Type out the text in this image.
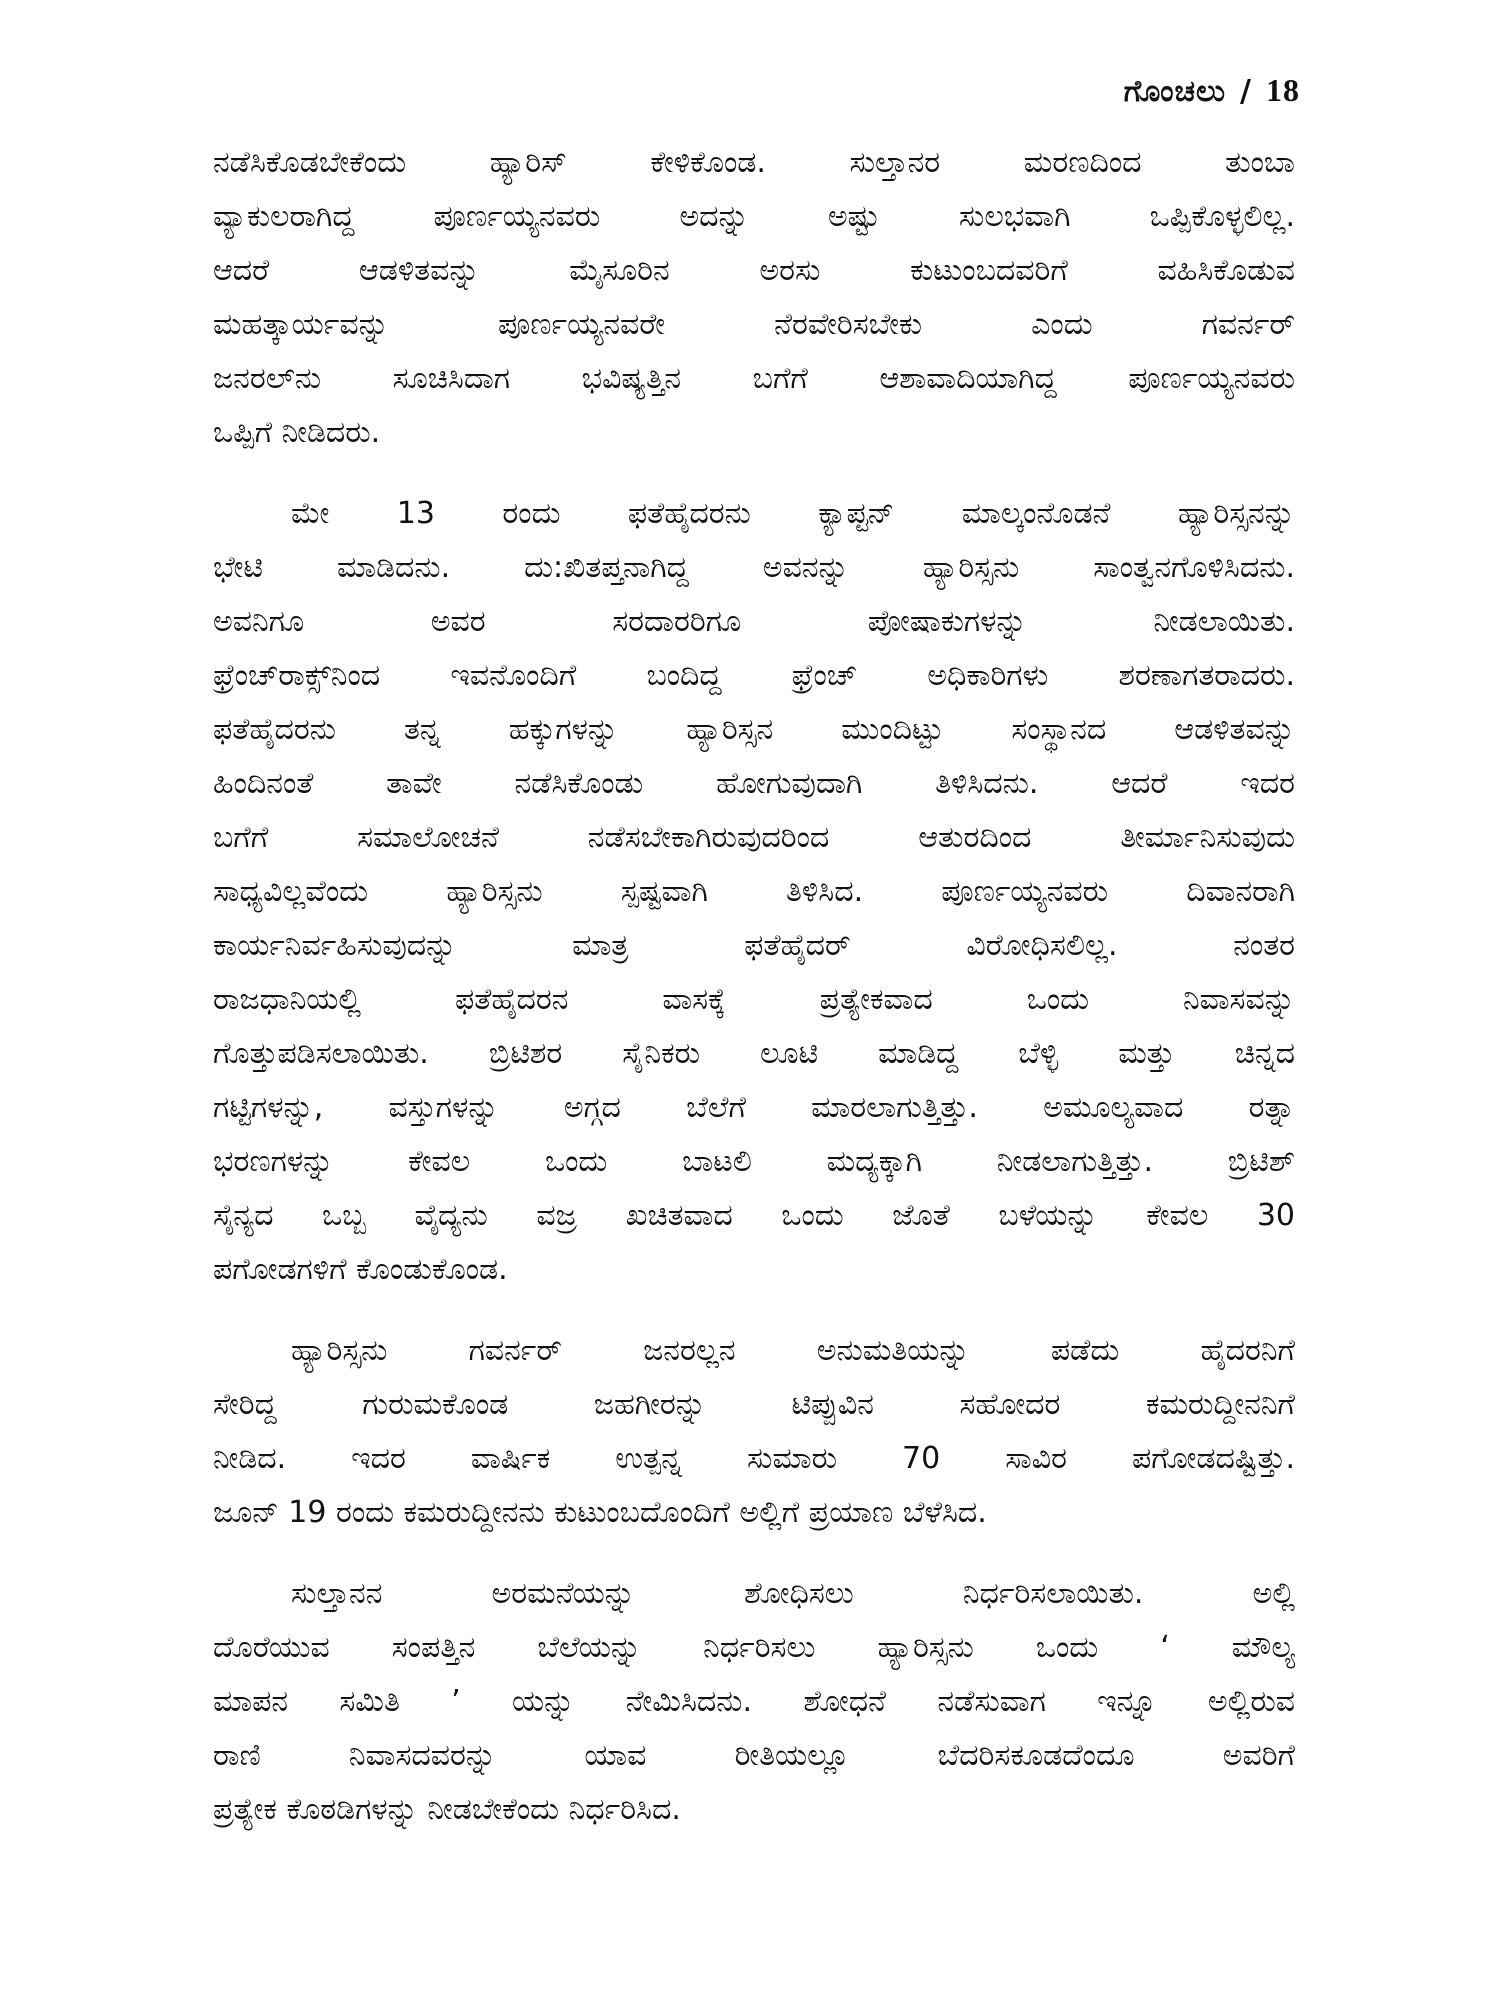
ಗೊಂಚಲು / 18
ನಡೆಸಿಕೊಡಬೇಕೆಂದು ಹ್ಯಾರಿಸ್ ಕೇಳಿಕೊಂಡ. ಸುಲ್ತಾನರ ಮರಣದಿಂದ ತುಂಬಾ
ವ್ಯಾಕುಲರಾಗಿದ್ದ ಪೂರ್ಣಯ್ಯನವರು ಅದನ್ನು ಅಷ್ಟು ಸುಲಭವಾಗಿ ಒಪ್ಪಿಕೊಳ್ಳಲಿಲ್ಲ.
ಆದರೆ ಆಡಳಿತವನ್ನು ಮೈಸೂರಿನ ಅರಸು ಕುಟುಂಬದವರಿಗೆ ವಹಿಸಿಕೊಡುವ
ಮಹತ್ಕಾರ್ಯವನ್ನು ಪೂರ್ಣಯ್ಯನವರೇ ನೆರವೇರಿಸಬೇಕು ಎಂದು ಗವರ್ನರ್
ಜನರಲ್‌ನು ಸೂಚಿಸಿದಾಗ ಭವಿಷ್ಯತ್ತಿನ ಬಗೆಗೆ ಆಶಾವಾದಿಯಾಗಿದ್ದ ಪೂರ್ಣಯ್ಯನವರು
ಒಪ್ಪಿಗೆ ನೀಡಿದರು.
ಮೇ 13 ರಂದು ಫತೆಹೈದರನು ಕ್ಯಾಪ್ಟನ್ ಮಾಲ್ಕಂನೊಡನೆ ಹ್ಯಾರಿಸ್ಸನನ್ನು
ಭೇಟಿ ಮಾಡಿದನು. ದು:ಖಿತಪ್ತನಾಗಿದ್ದ ಅವನನ್ನು ಹ್ಯಾರಿಸ್ಸನು ಸಾಂತ್ವನಗೊಳಿಸಿದನು.
ಅವನಿಗೂ ಅವರ ಸರದಾರರಿಗೂ ಪೋಷಾಕುಗಳನ್ನು ನೀಡಲಾಯಿತು.
ಫ್ರೆಂಚ್‌ರಾಕ್ಸ್‌ನಿಂದ ಇವನೊಂದಿಗೆ ಬಂದಿದ್ದ ಫ್ರೆಂಚ್ ಅಧಿಕಾರಿಗಳು ಶರಣಾಗತರಾದರು.
ಫತೆಹೈದರನು ತನ್ನ ಹಕ್ಕುಗಳನ್ನು ಹ್ಯಾರಿಸ್ಸನ ಮುಂದಿಟ್ಟು ಸಂಸ್ಥಾನದ ಆಡಳಿತವನ್ನು
ಹಿಂದಿನಂತೆ ತಾವೇ ನಡೆಸಿಕೊಂಡು ಹೋಗುವುದಾಗಿ ತಿಳಿಸಿದನು. ಆದರೆ ಇದರ
ಬಗೆಗೆ ಸಮಾಲೋಚನೆ ನಡೆಸಬೇಕಾಗಿರುವುದರಿಂದ ಆತುರದಿಂದ ತೀರ್ಮಾನಿಸುವುದು
ಸಾಧ್ಯವಿಲ್ಲವೆಂದು ಹ್ಯಾರಿಸ್ಸನು ಸ್ಪಷ್ಟವಾಗಿ ತಿಳಿಸಿದ. ಪೂರ್ಣಯ್ಯನವರು ದಿವಾನರಾಗಿ
ಕಾರ್ಯನಿರ್ವಹಿಸುವುದನ್ನು ಮಾತ್ರ ಫತೆಹೈದರ್ ವಿರೋಧಿಸಲಿಲ್ಲ. ನಂತರ
ರಾಜಧಾನಿಯಲ್ಲಿ ಫತೆಹೈದರನ ವಾಸಕ್ಕೆ ಪ್ರತ್ಯೇಕವಾದ ಒಂದು ನಿವಾಸವನ್ನು
ಗೊತ್ತುಪಡಿಸಲಾಯಿತು. ಬ್ರಿಟಿಶರ ಸೈನಿಕರು ಲೂಟಿ ಮಾಡಿದ್ದ ಬೆಳ್ಳಿ ಮತ್ತು ಚಿನ್ನದ
ಗಟ್ಟಿಗಳನ್ನು, ವಸ್ತುಗಳನ್ನು ಅಗ್ಗದ ಬೆಲೆಗೆ ಮಾರಲಾಗುತ್ತಿತ್ತು. ಅಮೂಲ್ಯವಾದ ರತ್ನಾ
ಭರಣಗಳನ್ನು ಕೇವಲ ಒಂದು ಬಾಟಲಿ ಮದ್ಯಕ್ಕಾಗಿ ನೀಡಲಾಗುತ್ತಿತ್ತು. ಬ್ರಿಟಿಶ್
ಸೈನ್ಯದ ಒಬ್ಬ ವೈದ್ಯನು ವಜ್ರ ಖಚಿತವಾದ ಒಂದು ಜೊತೆ ಬಳೆಯನ್ನು ಕೇವಲ 30
ಪಗೋಡಗಳಿಗೆ ಕೊಂಡುಕೊಂಡ.
ಹ್ಯಾರಿಸ್ಸನು ಗವರ್ನರ್ ಜನರಲ್ಲನ ಅನುಮತಿಯನ್ನು ಪಡೆದು ಹೈದರನಿಗೆ
ಸೇರಿದ್ದ ಗುರುಮಕೊಂಡ ಜಹಗೀರನ್ನು ಟಿಪ್ಪುವಿನ ಸಹೋದರ ಕಮರುದ್ದೀನನಿಗೆ
ನೀಡಿದ. ಇದರ ವಾರ್ಷಿಕ ಉತ್ಪನ್ನ ಸುಮಾರು 70 ಸಾವಿರ ಪಗೋಡದಷ್ಟಿತ್ತು.
ಜೂನ್ 19 ರಂದು ಕಮರುದ್ದೀನನು ಕುಟುಂಬದೊಂದಿಗೆ ಅಲ್ಲಿಗೆ ಪ್ರಯಾಣ ಬೆಳೆಸಿದ.
ಸುಲ್ತಾನನ ಅರಮನೆಯನ್ನು ಶೋಧಿಸಲು ನಿರ್ಧರಿಸಲಾಯಿತು. ಅಲ್ಲಿ
ದೊರೆಯುವ ಸಂಪತ್ತಿನ ಬೆಲೆಯನ್ನು ನಿರ್ಧರಿಸಲು ಹ್ಯಾರಿಸ್ಸನು ಒಂದು ‘ ಮೌಲ್ಯ
ಮಾಪನ ಸಮಿತಿ ’ ಯನ್ನು ನೇಮಿಸಿದನು. ಶೋಧನೆ ನಡೆಸುವಾಗ ಇನ್ನೂ ಅಲ್ಲಿರುವ
ರಾಣಿ ನಿವಾಸದವರನ್ನು ಯಾವ ರೀತಿಯಲ್ಲೂ ಬೆದರಿಸಕೂಡದೆಂದೂ ಅವರಿಗೆ
ಪ್ರತ್ಯೇಕ ಕೊಠಡಿಗಳನ್ನು ನೀಡಬೇಕೆಂದು ನಿರ್ಧರಿಸಿದ.
